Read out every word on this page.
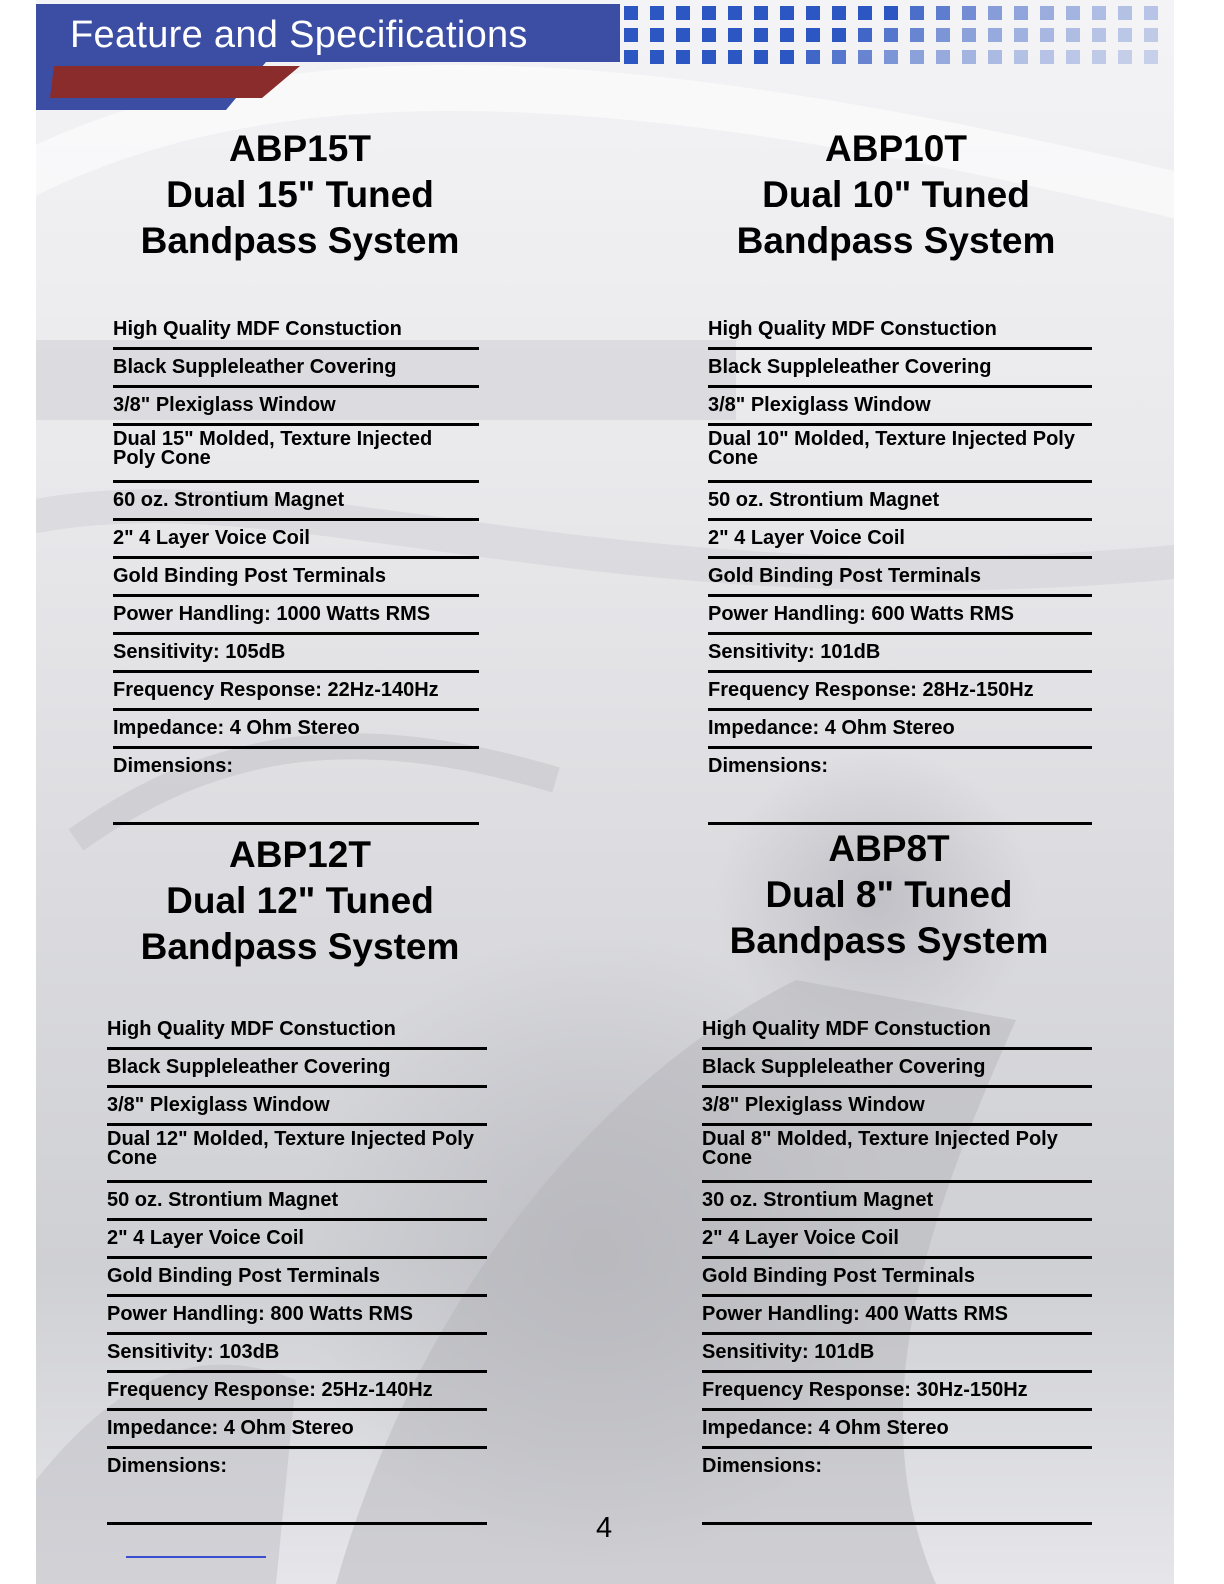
Feature and Specifications
ABP15T
Dual 15" Tuned
Bandpass System
High Quality MDF Constuction
Black Suppleleather Covering
3/8" Plexiglass Window
Dual 15" Molded, Texture Injected Poly Cone
60 oz. Strontium Magnet
2" 4 Layer Voice Coil
Gold Binding Post Terminals
Power Handling: 1000 Watts RMS
Sensitivity: 105dB
Frequency Response: 22Hz-140Hz
Impedance: 4 Ohm Stereo
Dimensions:
ABP10T
Dual 10" Tuned
Bandpass System
High Quality MDF Constuction
Black Suppleleather Covering
3/8" Plexiglass Window
Dual 10" Molded, Texture Injected Poly Cone
50 oz. Strontium Magnet
2" 4 Layer Voice Coil
Gold Binding Post Terminals
Power Handling: 600 Watts RMS
Sensitivity: 101dB
Frequency Response: 28Hz-150Hz
Impedance: 4 Ohm Stereo
Dimensions:
ABP12T
Dual 12" Tuned
Bandpass System
High Quality MDF Constuction
Black Suppleleather Covering
3/8" Plexiglass Window
Dual 12" Molded, Texture Injected Poly Cone
50 oz. Strontium Magnet
2" 4 Layer Voice Coil
Gold Binding Post Terminals
Power Handling: 800 Watts RMS
Sensitivity: 103dB
Frequency Response: 25Hz-140Hz
Impedance: 4 Ohm Stereo
Dimensions:
ABP8T
Dual 8" Tuned
Bandpass System
High Quality MDF Constuction
Black Suppleleather Covering
3/8" Plexiglass Window
Dual 8" Molded, Texture Injected Poly Cone
30 oz. Strontium Magnet
2" 4 Layer Voice Coil
Gold Binding Post Terminals
Power Handling: 400 Watts RMS
Sensitivity: 101dB
Frequency Response: 30Hz-150Hz
Impedance: 4 Ohm Stereo
Dimensions:
4
